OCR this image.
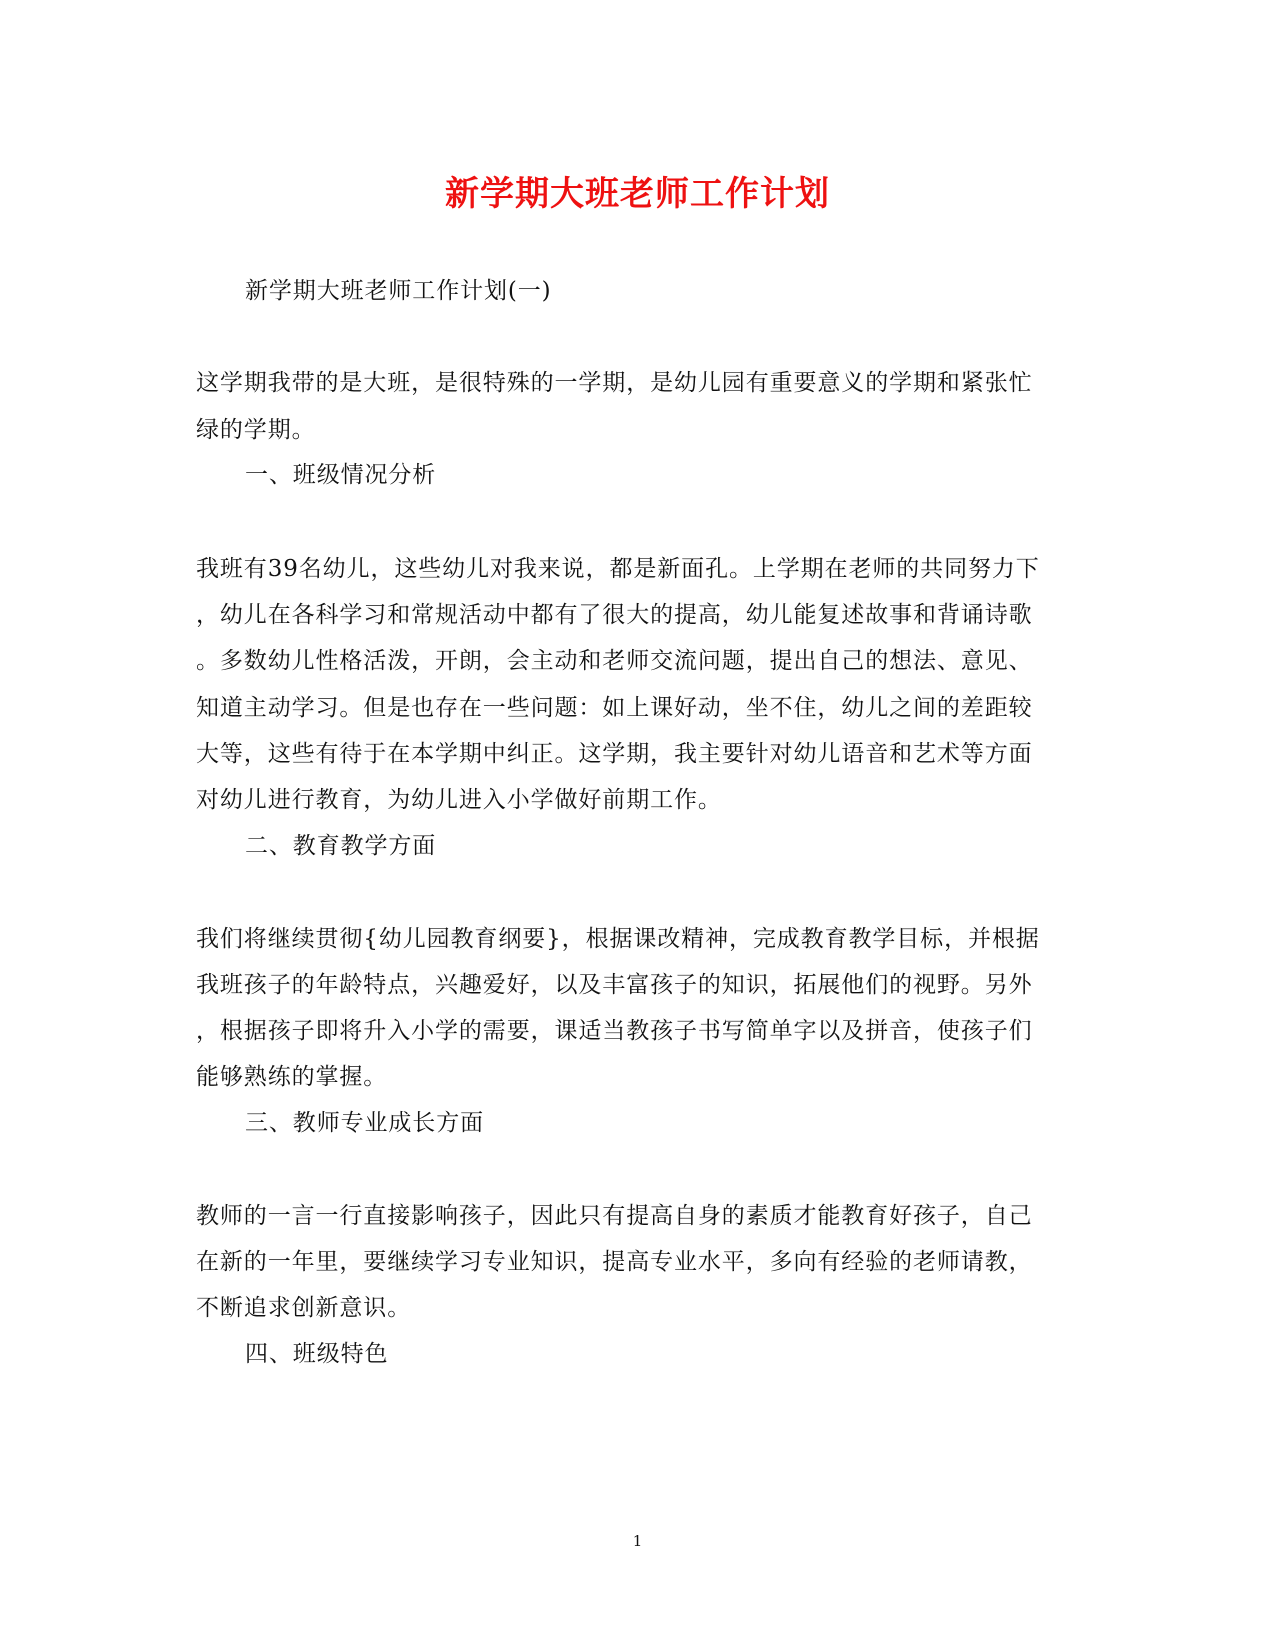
新学期大班老师工作计划
新学期大班老师工作计划(一)
这学期我带的是大班，是很特殊的一学期，是幼儿园有重要意义的学期和紧张忙
绿的学期。
一、班级情况分析
我班有39名幼儿，这些幼儿对我来说，都是新面孔。上学期在老师的共同努力下
，幼儿在各科学习和常规活动中都有了很大的提高，幼儿能复述故事和背诵诗歌
。多数幼儿性格活泼，开朗，会主动和老师交流问题，提出自己的想法、意见、
知道主动学习。但是也存在一些问题：如上课好动，坐不住，幼儿之间的差距较
大等，这些有待于在本学期中纠正。这学期，我主要针对幼儿语音和艺术等方面
对幼儿进行教育，为幼儿进入小学做好前期工作。
二、教育教学方面
我们将继续贯彻{幼儿园教育纲要}，根据课改精神，完成教育教学目标，并根据
我班孩子的年龄特点，兴趣爱好，以及丰富孩子的知识，拓展他们的视野。另外
，根据孩子即将升入小学的需要，课适当教孩子书写简单字以及拼音，使孩子们
能够熟练的掌握。
三、教师专业成长方面
教师的一言一行直接影响孩子，因此只有提高自身的素质才能教育好孩子，自己
在新的一年里，要继续学习专业知识，提高专业水平，多向有经验的老师请教，
不断追求创新意识。
四、班级特色
1
